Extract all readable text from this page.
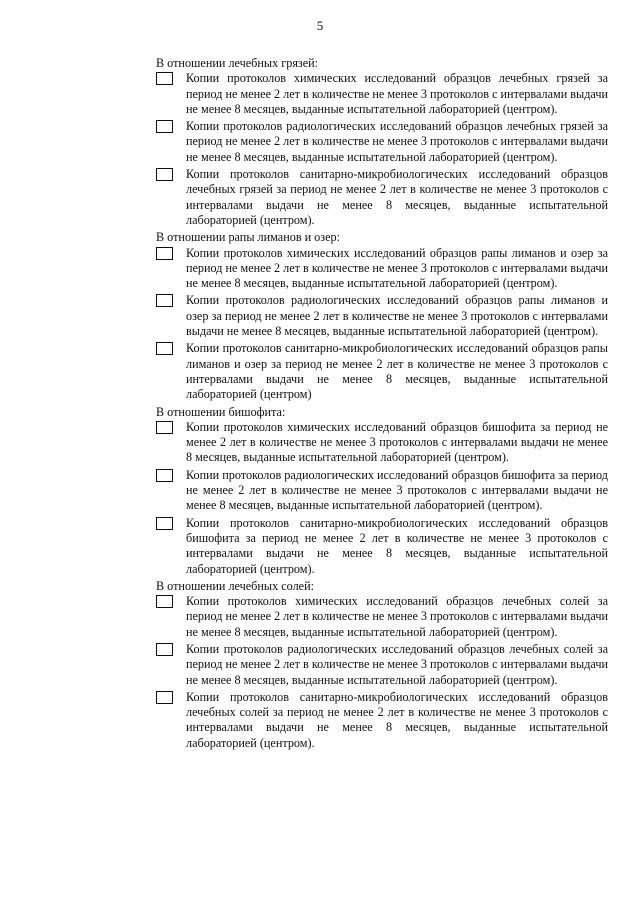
5

В отношении лечебных грязей:

Копии протоколов химических исследований образцов лечебных грязей за период не менее 2 лет в количестве не менее 3 протоколов с интервалами выдачи не менее 8 месяцев, выданные испытательной лабораторией (центром).
Копии протоколов радиологических исследований образцов лечебных грязей за период не менее 2 лет в количестве не менее 3 протоколов с интервалами выдачи не менее 8 месяцев, выданные испытательной лабораторией (центром).
Копии протоколов санитарно-микробиологических исследований образцов лечебных грязей за период не менее 2 лет в количестве не менее 3 протоколов с интервалами выдачи не менее 8 месяцев, выданные испытательной лабораторией (центром).

В отношении рапы лиманов и озер:

Копии протоколов химических исследований образцов рапы лиманов и озер за период не менее 2 лет в количестве не менее 3 протоколов с интервалами выдачи не менее 8 месяцев, выданные испытательной лабораторией (центром).
Копии протоколов радиологических исследований образцов рапы лиманов и озер за период не менее 2 лет в количестве не менее 3 протоколов с интервалами выдачи не менее 8 месяцев, выданные испытательной лабораторией (центром).
Копии протоколов санитарно-микробиологических исследований образцов рапы лиманов и озер за период не менее 2 лет в количестве не менее 3 протоколов с интервалами выдачи не менее 8 месяцев, выданные испытательной лабораторией (центром)

В отношении бишофита:

Копии протоколов химических исследований образцов бишофита за период не менее 2 лет в количестве не менее 3 протоколов с интервалами выдачи не менее 8 месяцев, выданные испытательной лабораторией (центром).
Копии протоколов радиологических исследований образцов бишофита за период не менее 2 лет в количестве не менее 3 протоколов с интервалами выдачи не менее 8 месяцев, выданные испытательной лабораторией (центром).
Копии протоколов санитарно-микробиологических исследований образцов бишофита за период не менее 2 лет в количестве не менее 3 протоколов с интервалами выдачи не менее 8 месяцев, выданные испытательной лабораторией (центром).

В отношении лечебных солей:

Копии протоколов химических исследований образцов лечебных солей за период не менее 2 лет в количестве не менее 3 протоколов с интервалами выдачи не менее 8 месяцев, выданные испытательной лабораторией (центром).
Копии протоколов радиологических исследований образцов лечебных солей за период не менее 2 лет в количестве не менее 3 протоколов с интервалами выдачи не менее 8 месяцев, выданные испытательной лабораторией (центром).
Копии протоколов санитарно-микробиологических исследований образцов лечебных солей за период не менее 2 лет в количестве не менее 3 протоколов с интервалами выдачи не менее 8 месяцев, выданные испытательной лабораторией (центром).
